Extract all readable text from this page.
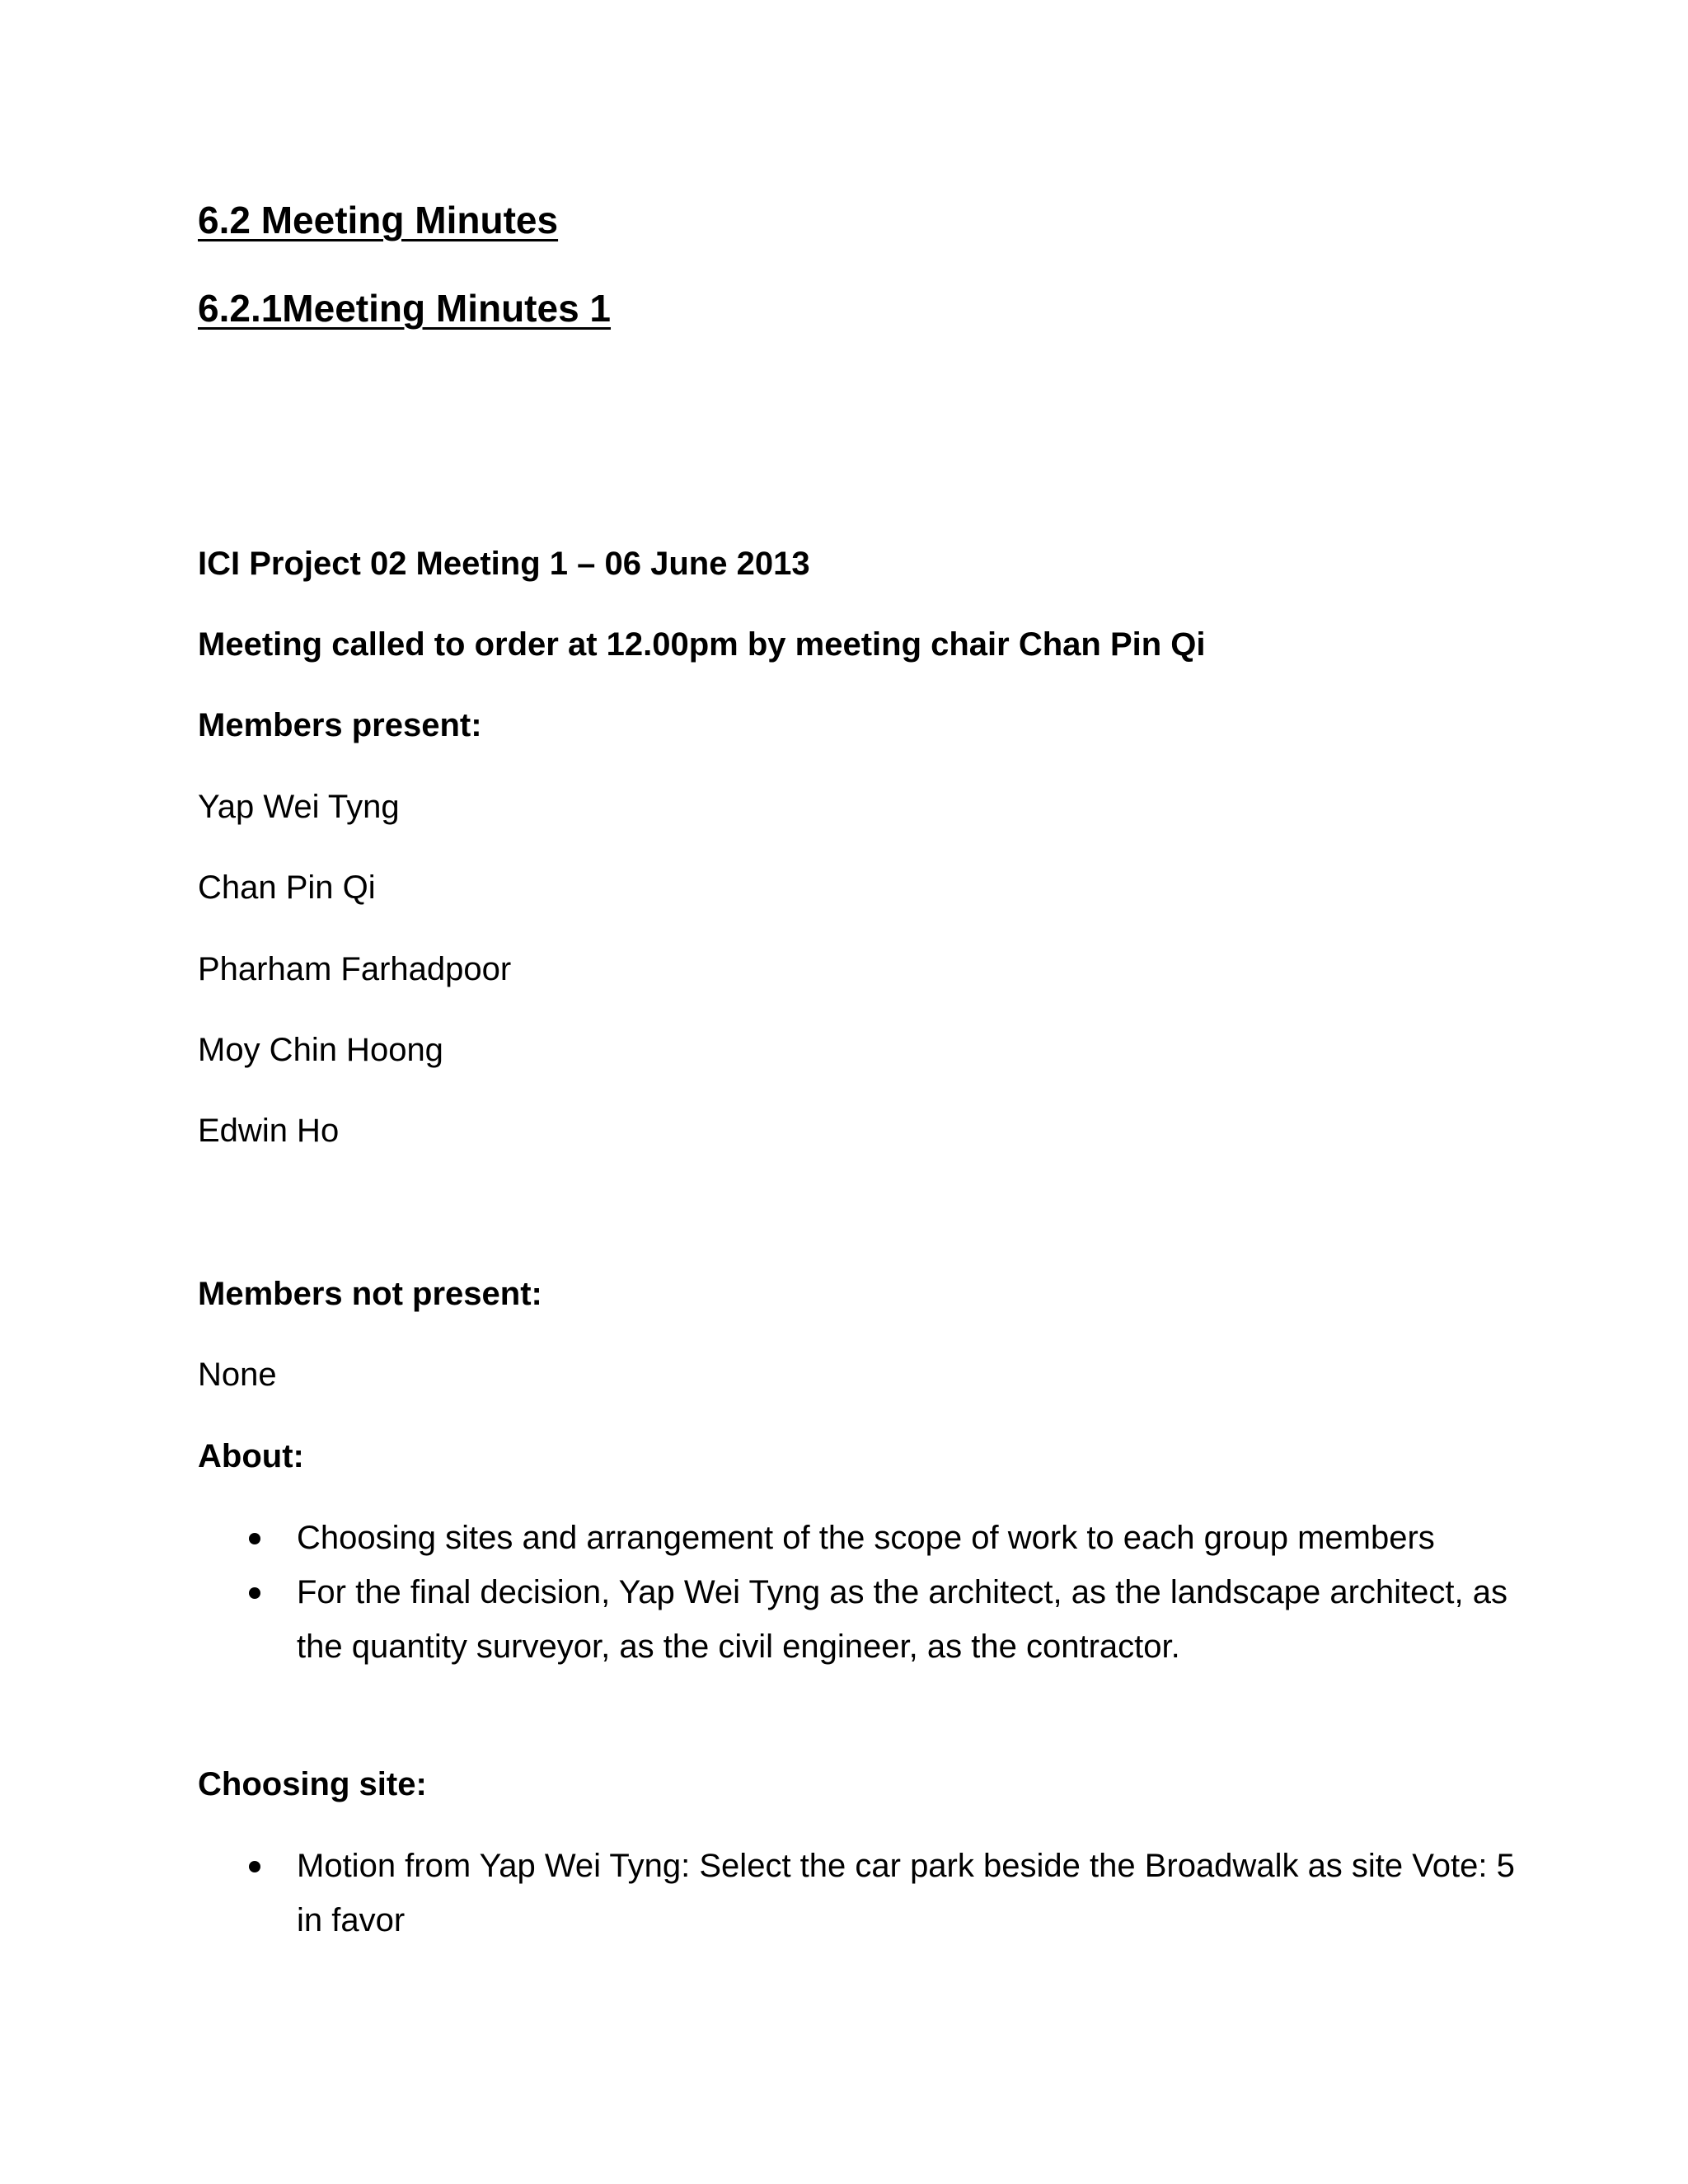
6.2 Meeting Minutes
6.2.1Meeting Minutes 1
ICI Project 02 Meeting 1 – 06 June 2013
Meeting called to order at 12.00pm by meeting chair Chan Pin Qi
Members present:
Yap Wei Tyng
Chan Pin Qi
Pharham Farhadpoor
Moy Chin Hoong
Edwin Ho
Members not present:
None
About:
Choosing sites and arrangement of the scope of work to each group members
For the final decision, Yap Wei Tyng as the architect, as the landscape architect, as the quantity surveyor, as the civil engineer, as the contractor.
Choosing site:
Motion from Yap Wei Tyng: Select the car park beside the Broadwalk as site Vote: 5 in favor
